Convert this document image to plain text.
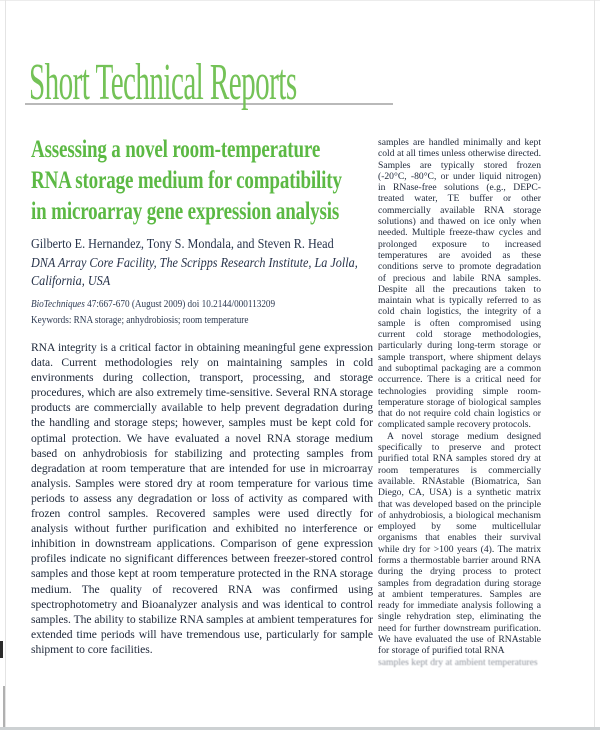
Short Technical Reports
Assessing a novel room-temperature
RNA storage medium for compatibility
in microarray gene expression analysis
Gilberto E. Hernandez, Tony S. Mondala, and Steven R. Head
DNA Array Core Facility, The Scripps Research Institute, La Jolla,
California, USA
BioTechniques 47:667-670 (August 2009) doi 10.2144/000113209
Keywords: RNA storage; anhydrobiosis; room temperature
RNA integrity is a critical factor in obtaining meaningful gene expression data. Current methodologies rely on maintaining samples in cold environments during collection, transport, processing, and storage procedures, which are also extremely time-sensitive. Several RNA storage products are commercially available to help prevent degradation during the handling and storage steps; however, samples must be kept cold for optimal protection. We have evaluated a novel RNA storage medium based on anhydrobiosis for stabilizing and protecting samples from degradation at room temperature that are intended for use in microarray analysis. Samples were stored dry at room temperature for various time periods to assess any degradation or loss of activity as compared with frozen control samples. Recovered samples were used directly for analysis without further purification and exhibited no interference or inhibition in downstream applications. Comparison of gene expression profiles indicate no significant differences between freezer-stored control samples and those kept at room temperature protected in the RNA storage medium. The quality of recovered RNA was confirmed using spectrophotometry and Bioanalyzer analysis and was identical to control samples. The ability to stabilize RNA samples at ambient temperatures for extended time periods will have tremendous use, particularly for sample shipment to core facilities.

samples are handled minimally and kept cold at all times unless otherwise directed. Samples are typically stored frozen (-20°C, -80°C, or under liquid nitrogen) in RNase-free solutions (e.g., DEPC-treated water, TE buffer or other commercially available RNA storage solutions) and thawed on ice only when needed. Multiple freeze-thaw cycles and prolonged exposure to increased temperatures are avoided as these conditions serve to promote degradation of precious and labile RNA samples. Despite all the precautions taken to maintain what is typically referred to as cold chain logistics, the integrity of a sample is often compromised using current cold storage methodologies, particularly during long-term storage or sample transport, where shipment delays and suboptimal packaging are a common occurrence. There is a critical need for technologies providing simple room-temperature storage of biological samples that do not require cold chain logistics or complicated sample recovery protocols.

A novel storage medium designed specifically to preserve and protect purified total RNA samples stored dry at room temperatures is commercially available. RNAstable (Biomatrica, San Diego, CA, USA) is a synthetic matrix that was developed based on the principle of anhydrobiosis, a biological mechanism employed by some multicellular organisms that enables their survival while dry for >100 years (4). The matrix forms a thermostable barrier around RNA during the drying process to protect samples from degradation during storage at ambient temperatures. Samples are ready for immediate analysis following a single rehydration step, eliminating the need for further downstream purification. We have evaluated the use of RNAstable for storage of purified total RNA

samples kept dry at ambient temperatures
